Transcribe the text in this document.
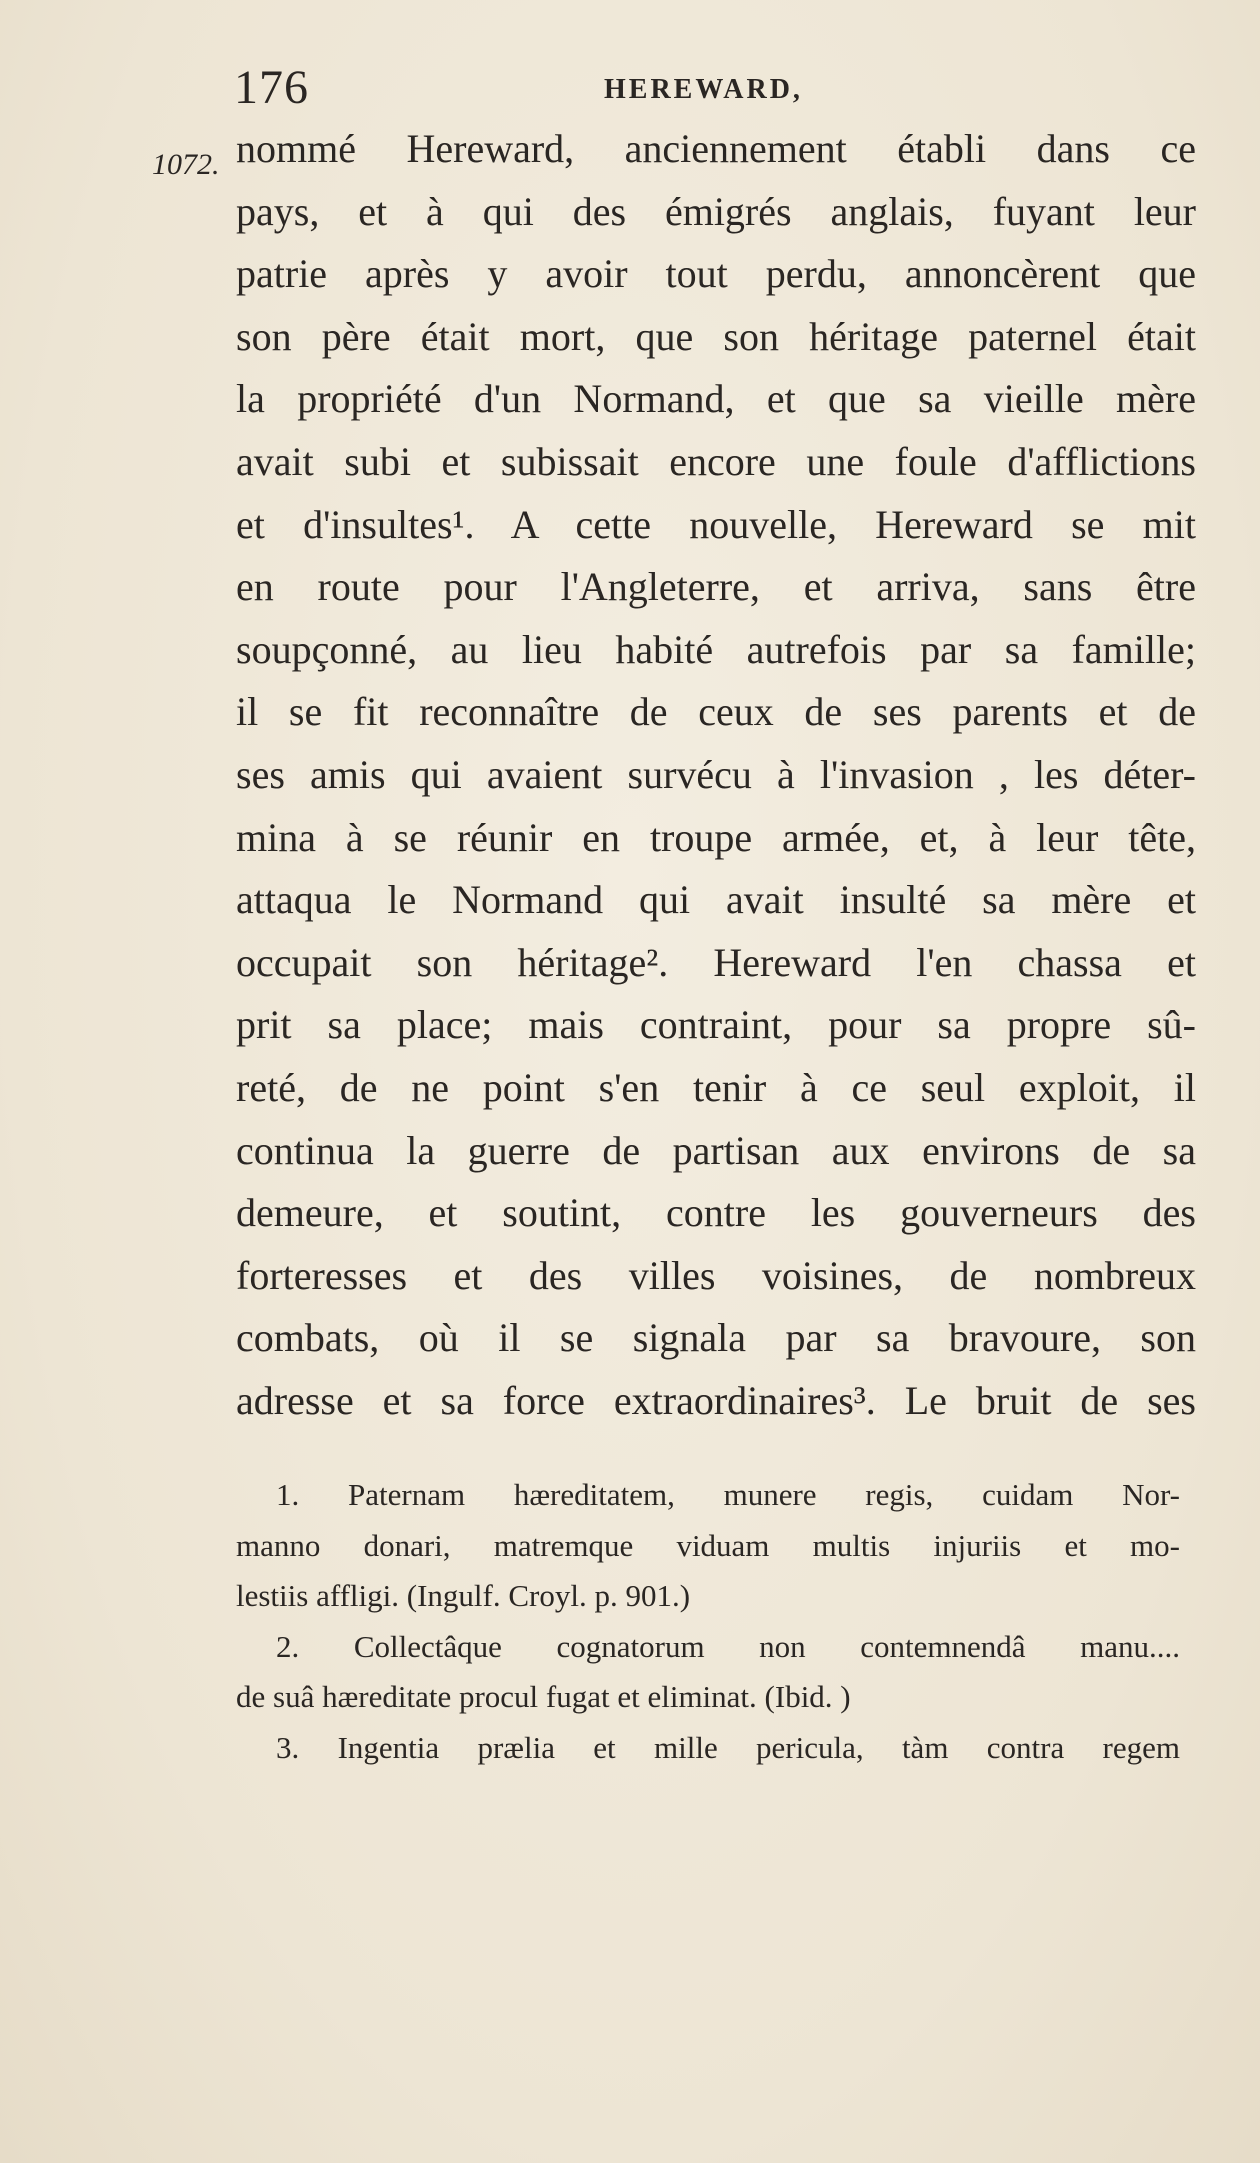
176	HEREWARD,
1072. nommé Hereward, anciennement établi dans ce
pays, et à qui des émigrés anglais, fuyant leur
patrie après y avoir tout perdu, annoncèrent que
son père était mort, que son héritage paternel était
la propriété d'un Normand, et que sa vieille mère
avait subi et subissait encore une foule d'afflictions
et d'insultes¹. A cette nouvelle, Hereward se mit
en route pour l'Angleterre, et arriva, sans être
soupçonné, au lieu habité autrefois par sa famille;
il se fit reconnaître de ceux de ses parents et de
ses amis qui avaient survécu à l'invasion , les déter-
mina à se réunir en troupe armée, et, à leur tête,
attaqua le Normand qui avait insulté sa mère et
occupait son héritage². Hereward l'en chassa et
prit sa place; mais contraint, pour sa propre sû-
reté, de ne point s'en tenir à ce seul exploit, il
continua la guerre de partisan aux environs de sa
demeure, et soutint, contre les gouverneurs des
forteresses et des villes voisines, de nombreux
combats, où il se signala par sa bravoure, son
adresse et sa force extraordinaires³. Le bruit de ses
1. Paternam hæreditatem, munere regis, cuidam Nor-
manno donari, matremque viduam multis injuriis et mo-
lestiis affligi. (Ingulf. Croyl. p. 901.)
2. Collectâque cognatorum non contemnendâ manu....
de suâ hæreditate procul fugat et eliminat. (Ibid. )
3. Ingentia prælia et mille pericula, tàm contra regem
